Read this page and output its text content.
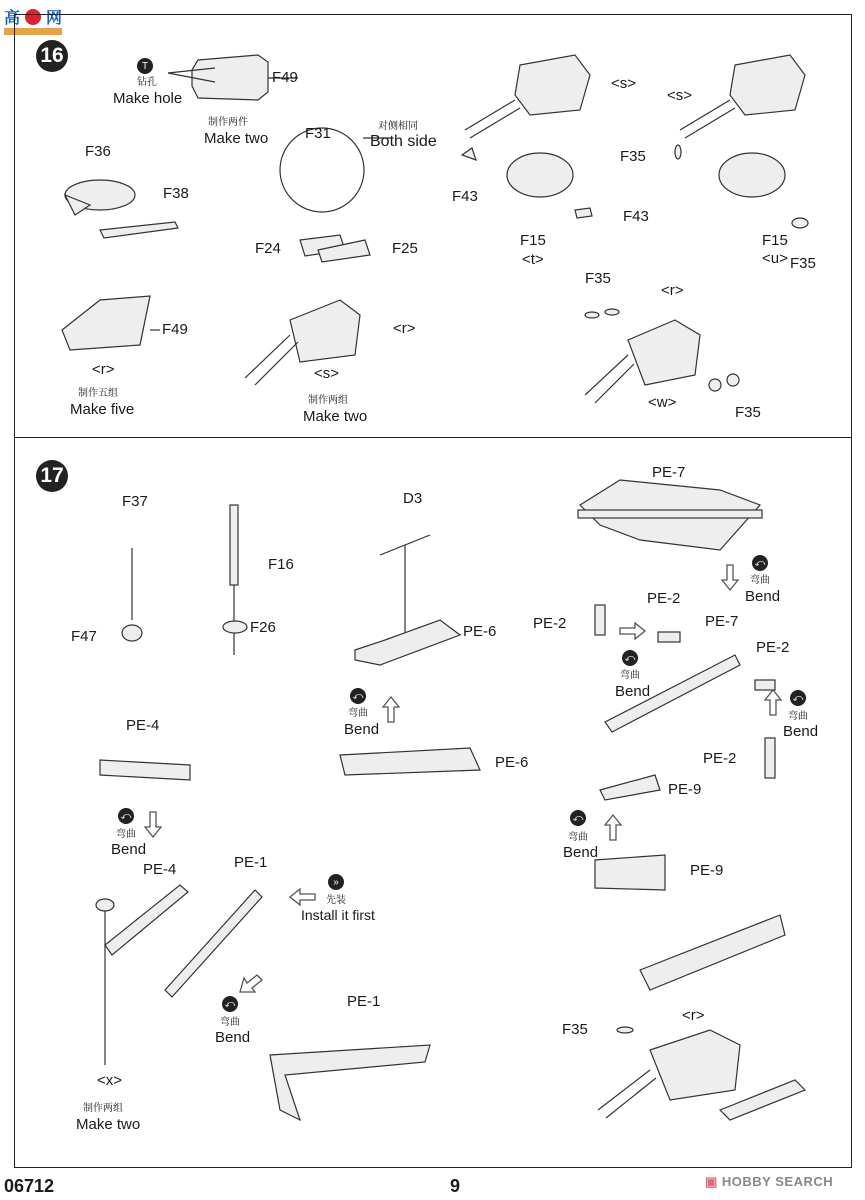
高 网
16
17
T
F49
钻孔
Make hole
制作两件
Make two F31	对侧相同
Both side
F36
F38
F49
<r>
制作五组
Make five
F24	F25
<r>
<s>
制作两组
Make two
<s>
F43
F43
F15
<t>
<s>
F35
F15
<u> F35
F35
<r>
<w>
F35
F37
F47
F16
F26
D3
PE-6
⤺
弯曲
Bend
PE-6
PE-7
⤺
弯曲
Bend
PE-2
PE-7
PE-2
PE-2
⤺
弯曲
Bend	⤺
弯曲
Bend
PE-2
PE-9
⤺
弯曲
Bend
PE-9
PE-4
⤺
弯曲
Bend
PE-4	PE-1
»
先装
Install it first
⤺
弯曲
Bend
PE-1
<x>
制作两组
Make two
F35
<r>
06712	9	▣ HOBBY SEARCH
